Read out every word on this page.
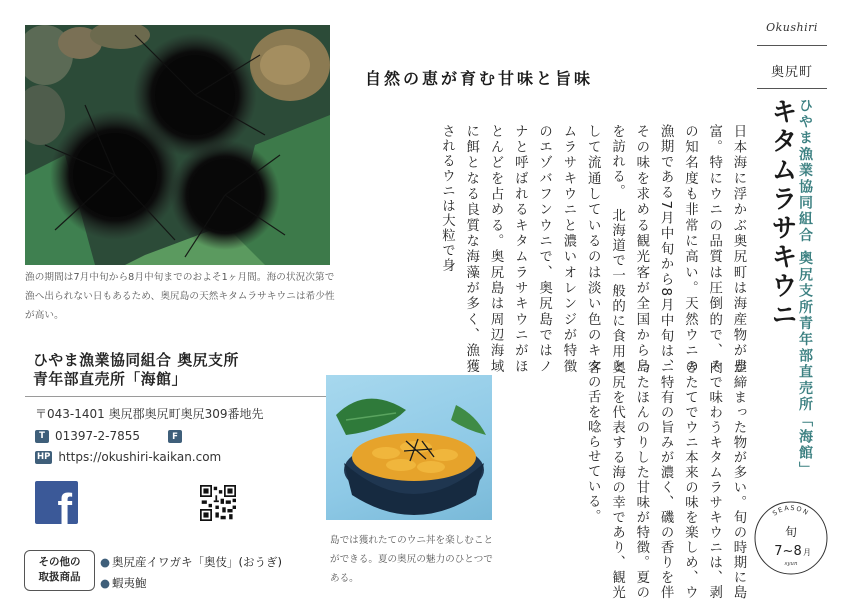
漁の期間は7月中旬から8月中旬までのおよそ1ヶ月間。海の状況次第で漁へ出られない日もあるため、奥尻島の天然キタムラサキウニは希少性が高い。
ひやま漁業協同組合 奥尻支所
青年部直売所「海館」
〒043-1401 奥尻郡奥尻町奥尻309番地先
T 01397-2-7855	F
HP https://okushiri-kaikan.com
f
その他の
取扱商品
● 奥尻産イワガキ「奥伎」(おうぎ)
● 蝦夷鮑
自然の恵が育む甘味と旨味
日本海に浮かぶ奥尻町は海産物が豊富。特にウニの品質は圧倒的で、その知名度も非常に高い。天然ウニの漁期である7月中旬から8月中旬は、その味を求める観光客が全国から島を訪れる。　北海道で一般的に食用として流通しているのは淡い色のキタムラサキウニと濃いオレンジが特徴のエゾバフンウニで、奥尻島ではノナと呼ばれるキタムラサキウニがほとんどを占める。奥尻島は周辺海域に餌となる良質な海藻が多く、漁獲されるウニは大粒で身
が締まった物が多い。旬の時期に島内で味わうキタムラサキウニは、剥きたてでウニ本来の味を楽しめ、ウニ特有の旨みが濃く、磯の香りを伴ったほんのりした甘味が特徴。夏の奥尻を代表する海の幸であり、観光客の舌を唸らせている。
島では獲れたてのウニ丼を楽しむことができる。夏の奥尻の魅力のひとつである。
Okushiri
奥尻町
キタムラサキウニ ひやま漁業協同組合 奥尻支所青年部直売所「海館」
SEASON
旬
7~8 月
syun
